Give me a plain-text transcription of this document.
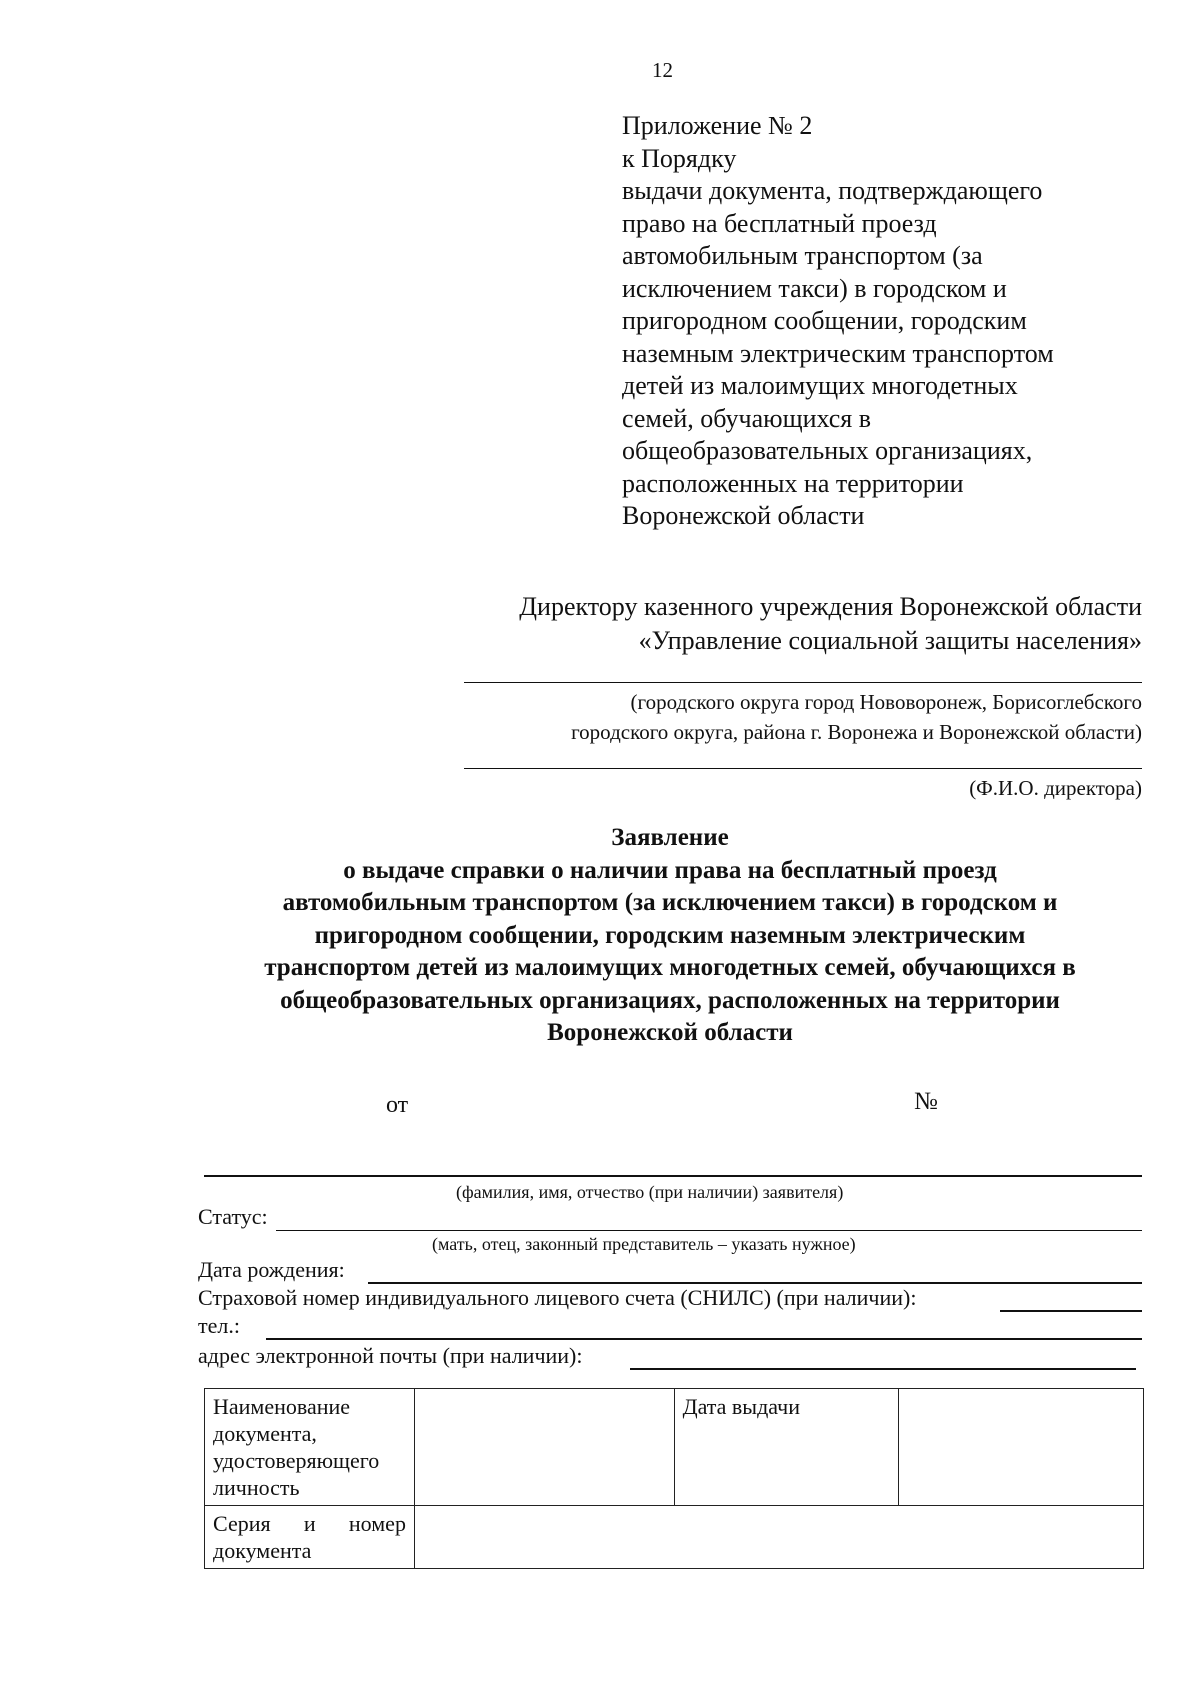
12
Приложение № 2
к Порядку
выдачи документа, подтверждающего
право на бесплатный проезд
автомобильным транспортом (за
исключением такси) в городском и
пригородном сообщении, городским
наземным электрическим транспортом
детей из малоимущих многодетных
семей, обучающихся в
общеобразовательных организациях,
расположенных на территории
Воронежской области
Директору казенного учреждения Воронежской области
«Управление социальной защиты населения»
(городского округа город Нововоронеж, Борисоглебского
городского округа, района г. Воронежа и Воронежской области)
(Ф.И.О. директора)
Заявление
о выдаче справки о наличии права на бесплатный проезд
автомобильным транспортом (за исключением такси) в городском и
пригородном сообщении, городским наземным электрическим
транспортом детей из малоимущих многодетных семей, обучающихся в
общеобразовательных организациях, расположенных на территории
Воронежской области
от	№
(фамилия, имя, отчество (при наличии) заявителя)
Статус:
(мать, отец, законный представитель – указать нужное)
Дата рождения:
Страховой номер индивидуального лицевого счета (СНИЛС) (при наличии):
тел.:
адрес электронной почты (при наличии):
Наименование документа, удостоверяющего личность		Дата выдачи	
Серия и номер документа			
